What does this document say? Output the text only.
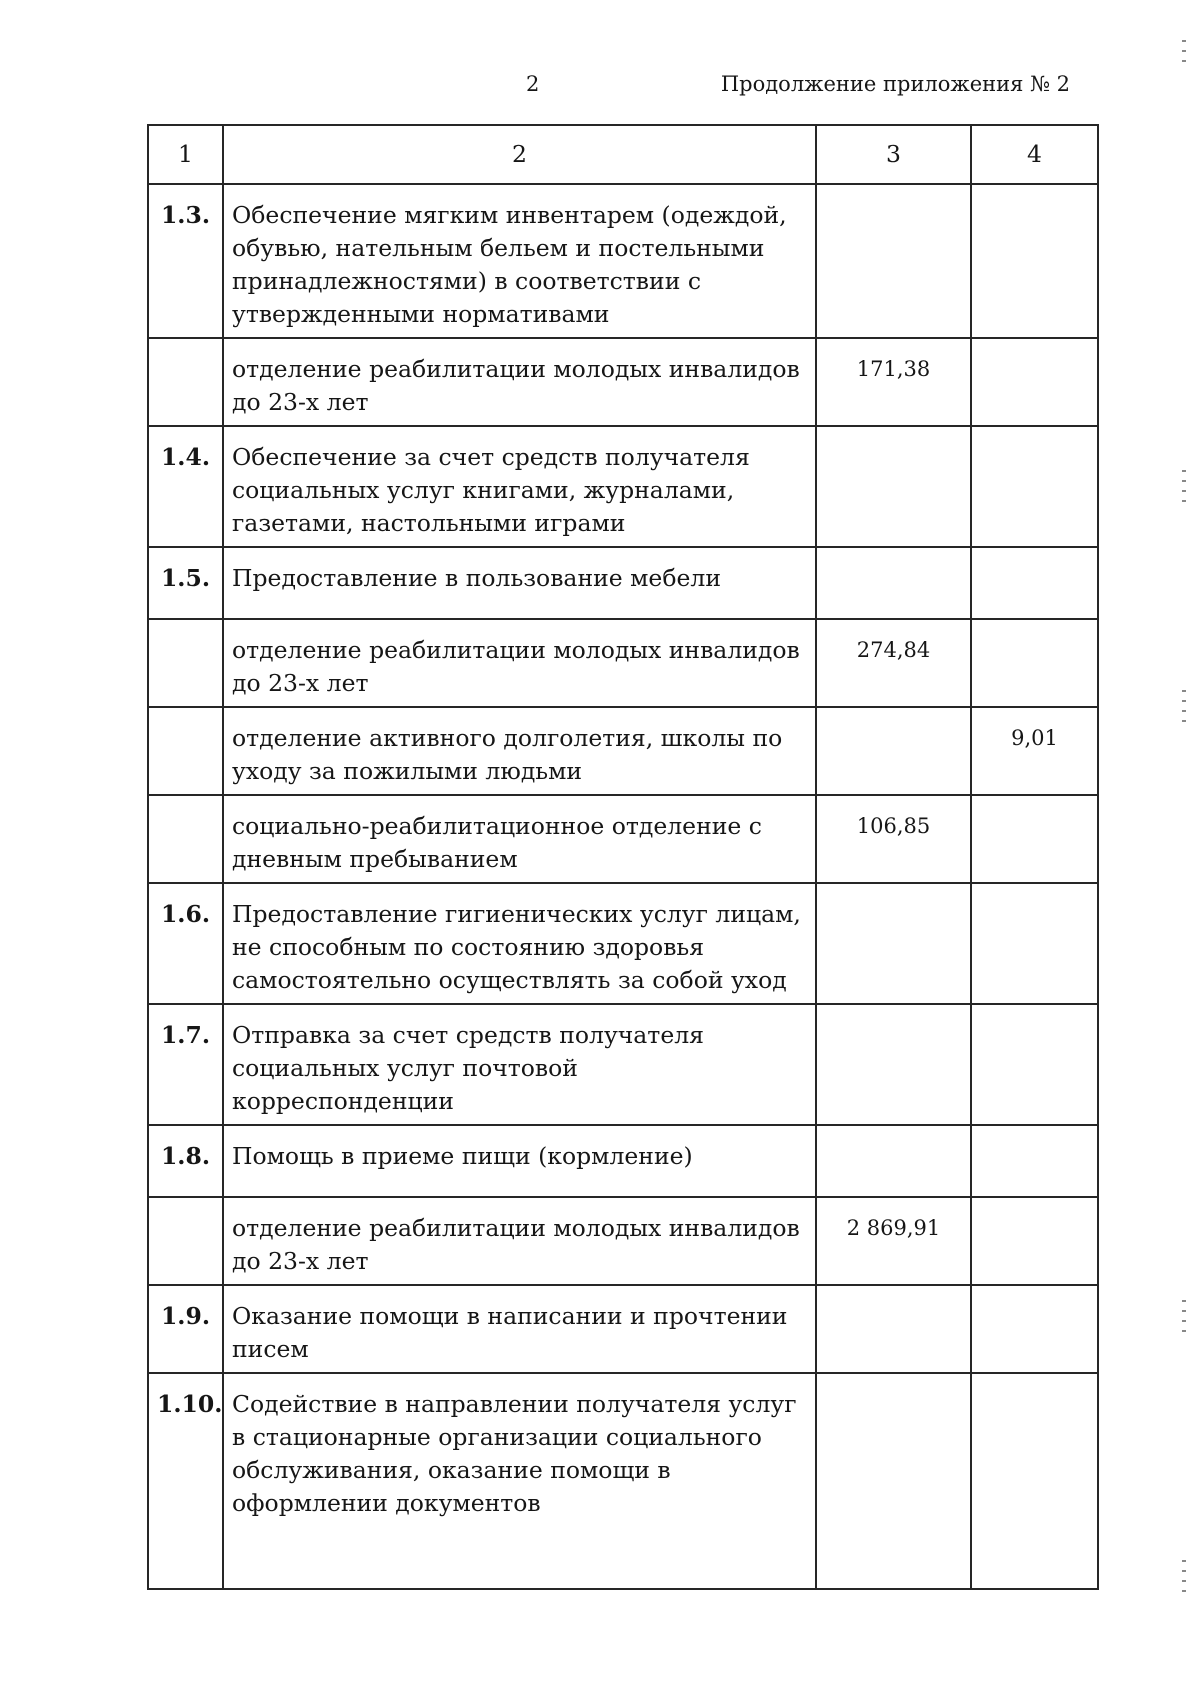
2	Продолжение приложения № 2
1	2	3	4
1.3.	Обеспечение мягким инвентарем (одеждой, обувью, нательным бельем и постельными принадлежностями) в соответствии с утвержденными нормативами		
	отделение реабилитации молодых инвалидов до 23-х лет	171,38	
1.4.	Обеспечение за счет средств получателя социальных услуг книгами, журналами, газетами, настольными играми		
1.5.	Предоставление в пользование мебели		
	отделение реабилитации молодых инвалидов до 23-х лет	274,84	
	отделение активного долголетия, школы по уходу за пожилыми людьми		9,01
	социально-реабилитационное отделение с дневным пребыванием	106,85	
1.6.	Предоставление гигиенических услуг лицам, не способным по состоянию здоровья самостоятельно осуществлять за собой уход		
1.7.	Отправка за счет средств получателя социальных услуг почтовой корреспонденции		
1.8.	Помощь в приеме пищи (кормление)		
	отделение реабилитации молодых инвалидов до 23-х лет	2 869,91	
1.9.	Оказание помощи в написании и прочтении писем		
1.10.	Содействие в направлении получателя услуг в стационарные организации социального обслуживания, оказание помощи в оформлении документов		
